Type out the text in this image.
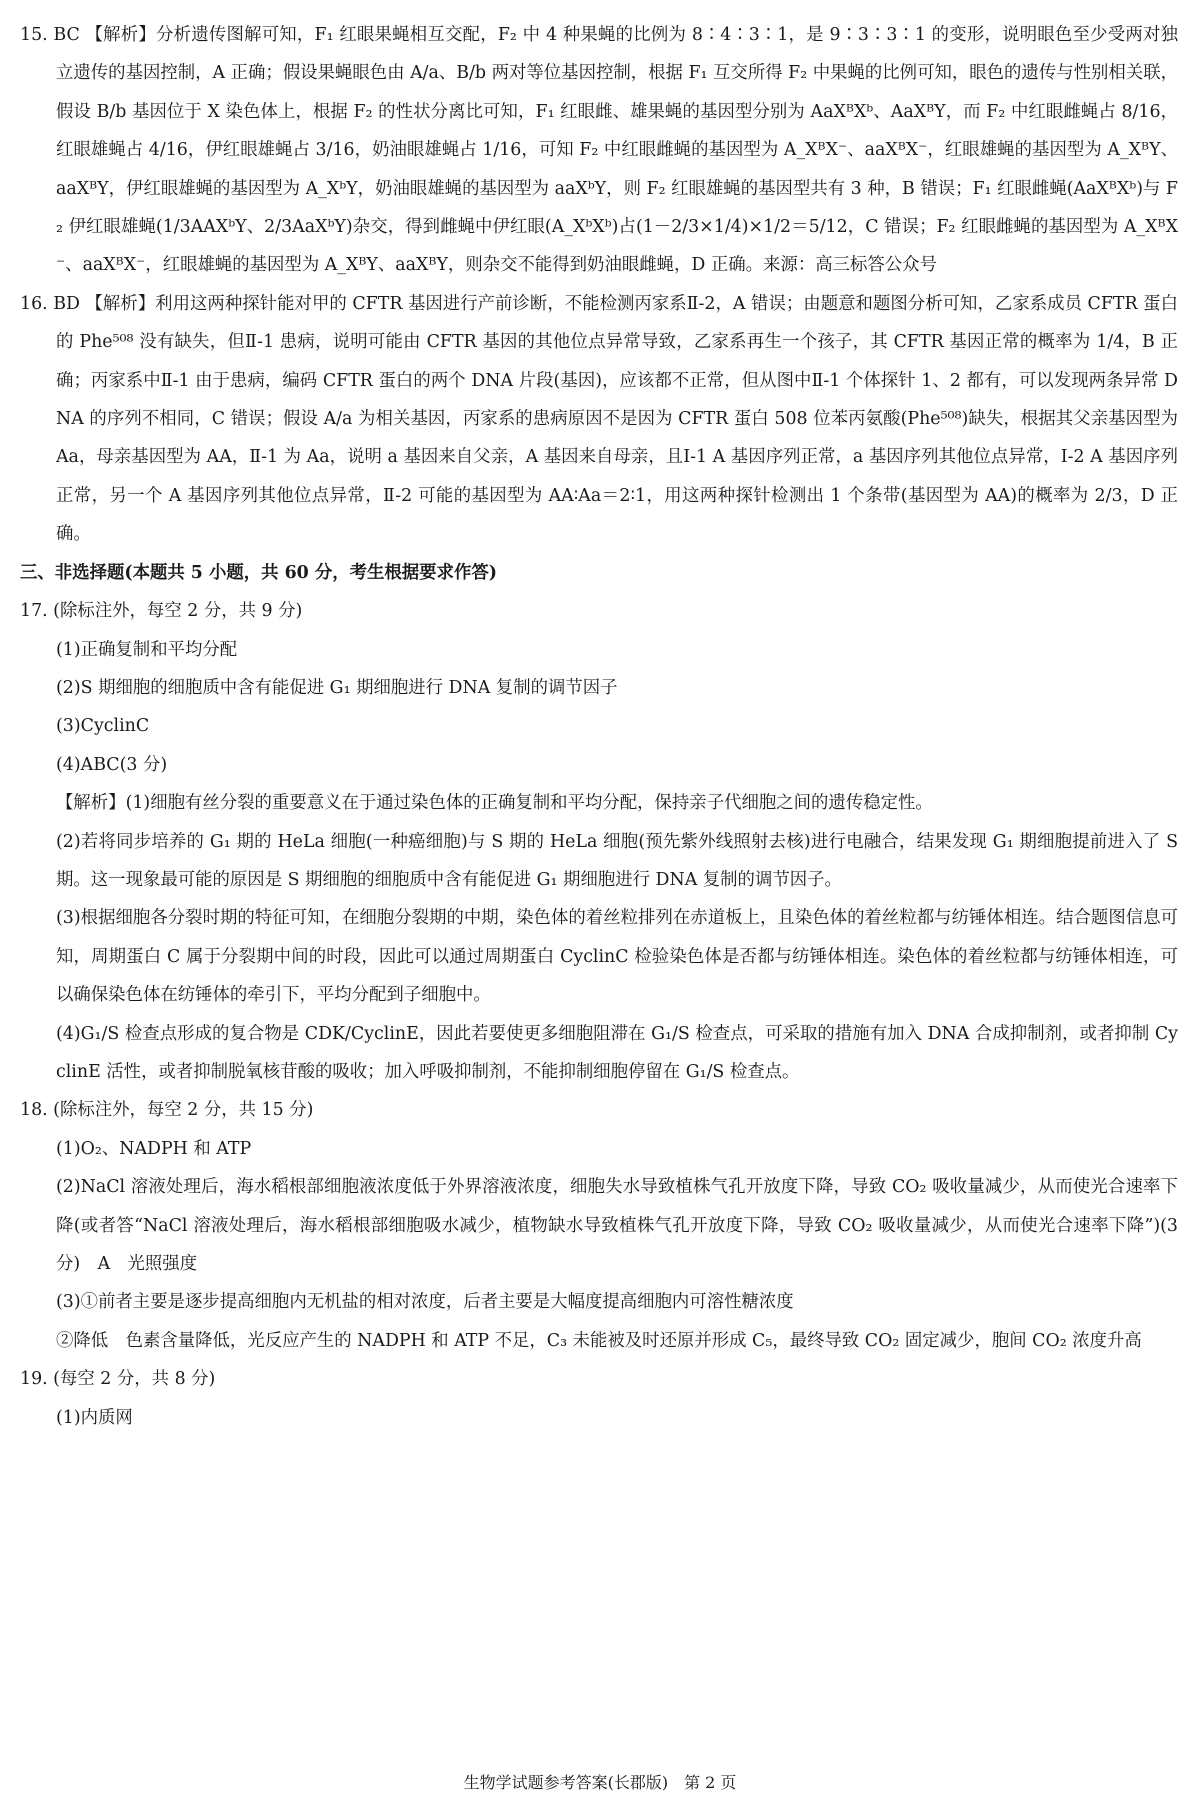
15. BC 【解析】分析遗传图解可知，F₁ 红眼果蝇相互交配，F₂ 中 4 种果蝇的比例为 8∶4∶3∶1，是 9∶3∶3∶1 的变形，说明眼色至少受两对独立遗传的基因控制，A 正确；假设果蝇眼色由 A/a、B/b 两对等位基因控制，根据 F₁ 互交所得 F₂ 中果蝇的比例可知，眼色的遗传与性别相关联，假设 B/b 基因位于 X 染色体上，根据 F₂ 的性状分离比可知，F₁ 红眼雌、雄果蝇的基因型分别为 AaXᴮXᵇ、AaXᴮY，而 F₂ 中红眼雌蝇占 8/16，红眼雄蝇占 4/16，伊红眼雄蝇占 3/16，奶油眼雄蝇占 1/16，可知 F₂ 中红眼雌蝇的基因型为 A_XᴮX⁻、aaXᴮX⁻，红眼雄蝇的基因型为 A_XᴮY、aaXᴮY，伊红眼雄蝇的基因型为 A_XᵇY，奶油眼雄蝇的基因型为 aaXᵇY，则 F₂ 红眼雄蝇的基因型共有 3 种，B 错误；F₁ 红眼雌蝇(AaXᴮXᵇ)与 F₂ 伊红眼雄蝇(1/3AAXᵇY、2/3AaXᵇY)杂交，得到雌蝇中伊红眼(A_XᵇXᵇ)占(1－2/3×1/4)×1/2＝5/12，C 错误；F₂ 红眼雌蝇的基因型为 A_XᴮX⁻、aaXᴮX⁻，红眼雄蝇的基因型为 A_XᴮY、aaXᴮY，则杂交不能得到奶油眼雌蝇，D 正确。来源：高三标答公众号

16. BD 【解析】利用这两种探针能对甲的 CFTR 基因进行产前诊断，不能检测丙家系Ⅱ-2，A 错误；由题意和题图分析可知，乙家系成员 CFTR 蛋白的 Phe⁵⁰⁸ 没有缺失，但Ⅱ-1 患病，说明可能由 CFTR 基因的其他位点异常导致，乙家系再生一个孩子，其 CFTR 基因正常的概率为 1/4，B 正确；丙家系中Ⅱ-1 由于患病，编码 CFTR 蛋白的两个 DNA 片段(基因)，应该都不正常，但从图中Ⅱ-1 个体探针 1、2 都有，可以发现两条异常 DNA 的序列不相同，C 错误；假设 A/a 为相关基因，丙家系的患病原因不是因为 CFTR 蛋白 508 位苯丙氨酸(Phe⁵⁰⁸)缺失，根据其父亲基因型为 Aa，母亲基因型为 AA，Ⅱ-1 为 Aa，说明 a 基因来自父亲，A 基因来自母亲，且Ⅰ-1 A 基因序列正常，a 基因序列其他位点异常，Ⅰ-2 A 基因序列正常，另一个 A 基因序列其他位点异常，Ⅱ-2 可能的基因型为 AA∶Aa＝2∶1，用这两种探针检测出 1 个条带(基因型为 AA)的概率为 2/3，D 正确。

三、非选择题(本题共 5 小题，共 60 分，考生根据要求作答)

17. (除标注外，每空 2 分，共 9 分)

(1)正确复制和平均分配

(2)S 期细胞的细胞质中含有能促进 G₁ 期细胞进行 DNA 复制的调节因子

(3)CyclinC

(4)ABC(3 分)

【解析】(1)细胞有丝分裂的重要意义在于通过染色体的正确复制和平均分配，保持亲子代细胞之间的遗传稳定性。

(2)若将同步培养的 G₁ 期的 HeLa 细胞(一种癌细胞)与 S 期的 HeLa 细胞(预先紫外线照射去核)进行电融合，结果发现 G₁ 期细胞提前进入了 S 期。这一现象最可能的原因是 S 期细胞的细胞质中含有能促进 G₁ 期细胞进行 DNA 复制的调节因子。

(3)根据细胞各分裂时期的特征可知，在细胞分裂期的中期，染色体的着丝粒排列在赤道板上，且染色体的着丝粒都与纺锤体相连。结合题图信息可知，周期蛋白 C 属于分裂期中间的时段，因此可以通过周期蛋白 CyclinC 检验染色体是否都与纺锤体相连。染色体的着丝粒都与纺锤体相连，可以确保染色体在纺锤体的牵引下，平均分配到子细胞中。

(4)G₁/S 检查点形成的复合物是 CDK/CyclinE，因此若要使更多细胞阻滞在 G₁/S 检查点，可采取的措施有加入 DNA 合成抑制剂，或者抑制 CyclinE 活性，或者抑制脱氧核苷酸的吸收；加入呼吸抑制剂，不能抑制细胞停留在 G₁/S 检查点。

18. (除标注外，每空 2 分，共 15 分)

(1)O₂、NADPH 和 ATP

(2)NaCl 溶液处理后，海水稻根部细胞液浓度低于外界溶液浓度，细胞失水导致植株气孔开放度下降，导致 CO₂ 吸收量减少，从而使光合速率下降(或者答“NaCl 溶液处理后，海水稻根部细胞吸水减少，植物缺水导致植株气孔开放度下降，导致 CO₂ 吸收量减少，从而使光合速率下降”)(3 分)　A　光照强度

(3)①前者主要是逐步提高细胞内无机盐的相对浓度，后者主要是大幅度提高细胞内可溶性糖浓度

②降低　色素含量降低，光反应产生的 NADPH 和 ATP 不足，C₃ 未能被及时还原并形成 C₅，最终导致 CO₂ 固定减少，胞间 CO₂ 浓度升高

19. (每空 2 分，共 8 分)

(1)内质网

生物学试题参考答案(长郡版)　第 2 页
